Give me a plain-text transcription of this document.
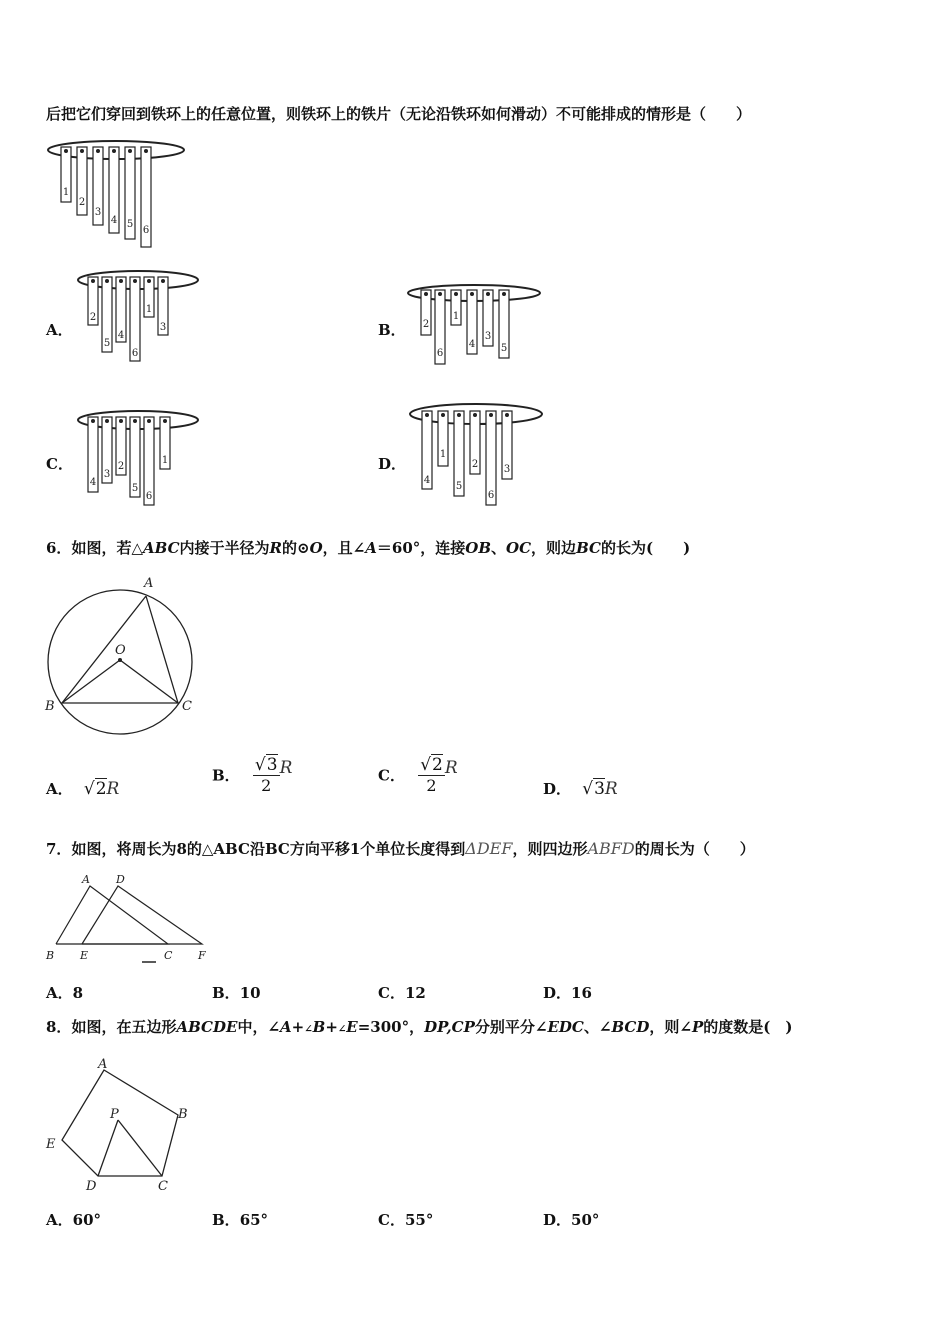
后把它们穿回到铁环上的任意位置，则铁环上的铁片（无论沿铁环如何滑动）不可能排成的情形是（　　）
1
2
3
4 5
6
A．
2
5
4
6
1
3	B． 2
6
1
4
3
5
C．
4
3
2
5
6
1	D．
4
1
5
2
6
3
6．如图，若△ABC内接于半径为R的⊙O，且∠A＝60°，连接OB、OC，则边BC的长为(　　)
A
O
B	C
A． √2R
B． $\frac{√3}{2}$ R	C． $\frac{√2}{2}$ R
D． √3R
7．如图，将周长为8的△ABC沿BC方向平移1个单位长度得到ΔDEF，则四边形ABFD的周长为（　　）
A D
B E	C F
A．8	B．10	C．12	D．16
8．如图，在五边形ABCDE中，∠A+∠B+∠E=300°，DP,CP分别平分∠EDC、∠BCD，则∠P的度数是(　)
A
B
C
D
E
P
A．60°	B．65°	C．55°	D．50°
